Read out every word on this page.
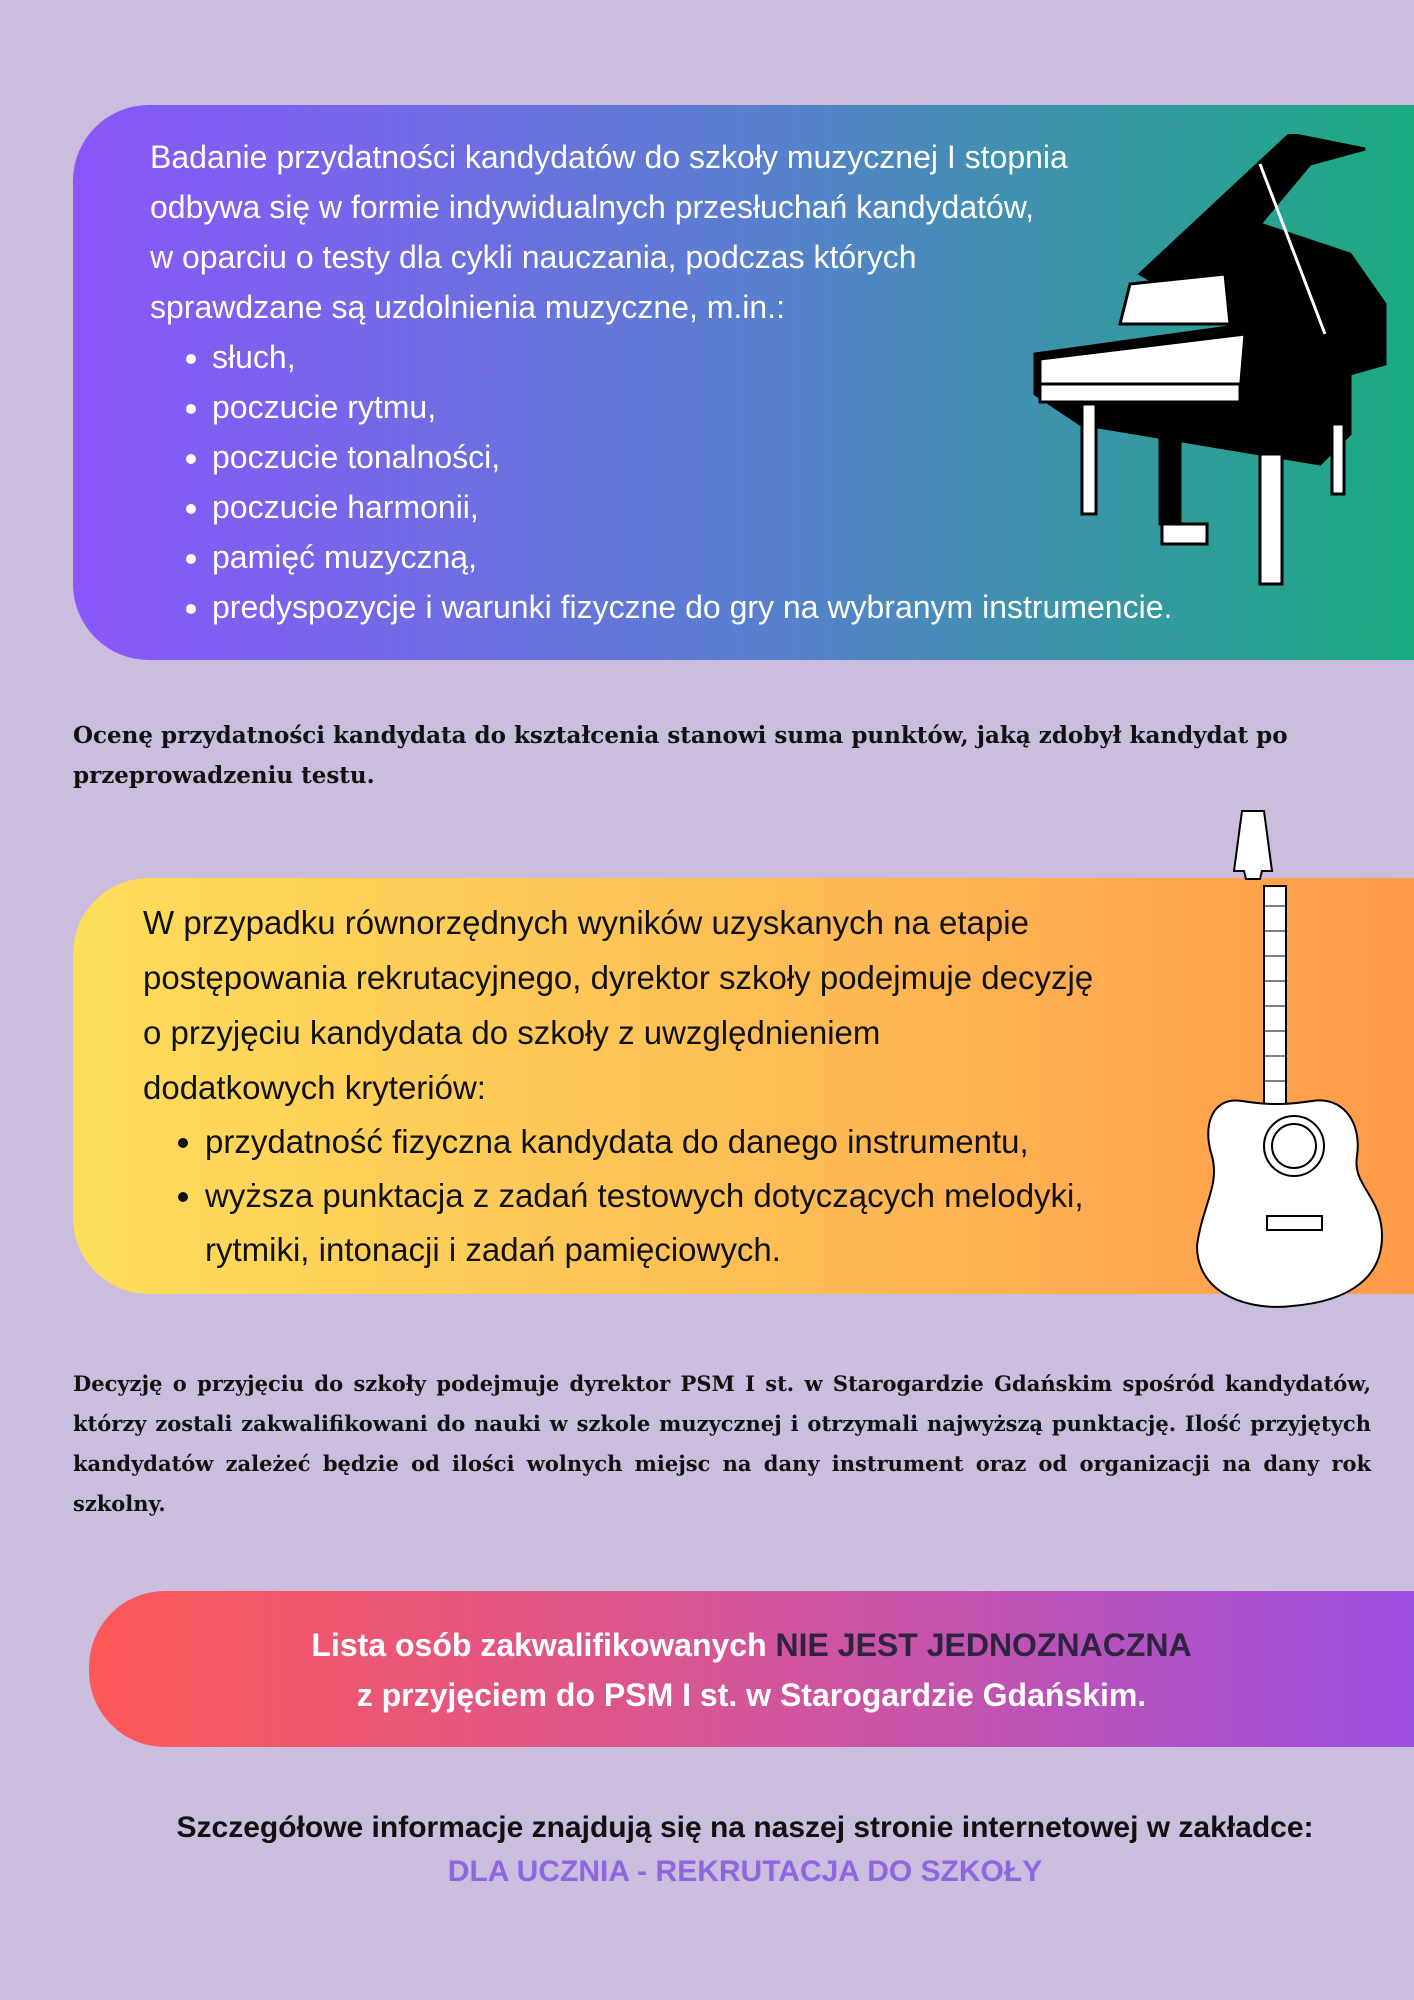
Badanie przydatności kandydatów do szkoły muzycznej I stopnia
odbywa się w formie indywidualnych przesłuchań kandydatów,
w oparciu o testy dla cykli nauczania, podczas których
sprawdzane są uzdolnienia muzyczne, m.in.:
• słuch,
• poczucie rytmu,
• poczucie tonalności,
• poczucie harmonii,
• pamięć muzyczną,
• predyspozycje i warunki fizyczne do gry na wybranym instrumencie.
Ocenę przydatności kandydata do kształcenia stanowi suma punktów, jaką zdobył kandydat po przeprowadzeniu testu.
W przypadku równorzędnych wyników uzyskanych na etapie
postępowania rekrutacyjnego, dyrektor szkoły podejmuje decyzję
o przyjęciu kandydata do szkoły z uwzględnieniem
dodatkowych kryteriów:
• przydatność fizyczna kandydata do danego instrumentu,
• wyższa punktacja z zadań testowych dotyczących melodyki, rytmiki, intonacji i zadań pamięciowych.
Decyzję o przyjęciu do szkoły podejmuje dyrektor PSM I st. w Starogardzie Gdańskim spośród kandydatów, którzy zostali zakwalifikowani do nauki w szkole muzycznej i otrzymali najwyższą punktację. Ilość przyjętych kandydatów zależeć będzie od ilości wolnych miejsc na dany instrument oraz od organizacji na dany rok szkolny.
Lista osób zakwalifikowanych NIE JEST JEDNOZNACZNA
z przyjęciem do PSM I st. w Starogardzie Gdańskim.
Szczegółowe informacje znajdują się na naszej stronie internetowej w zakładce:
DLA UCZNIA - REKRUTACJA DO SZKOŁY
